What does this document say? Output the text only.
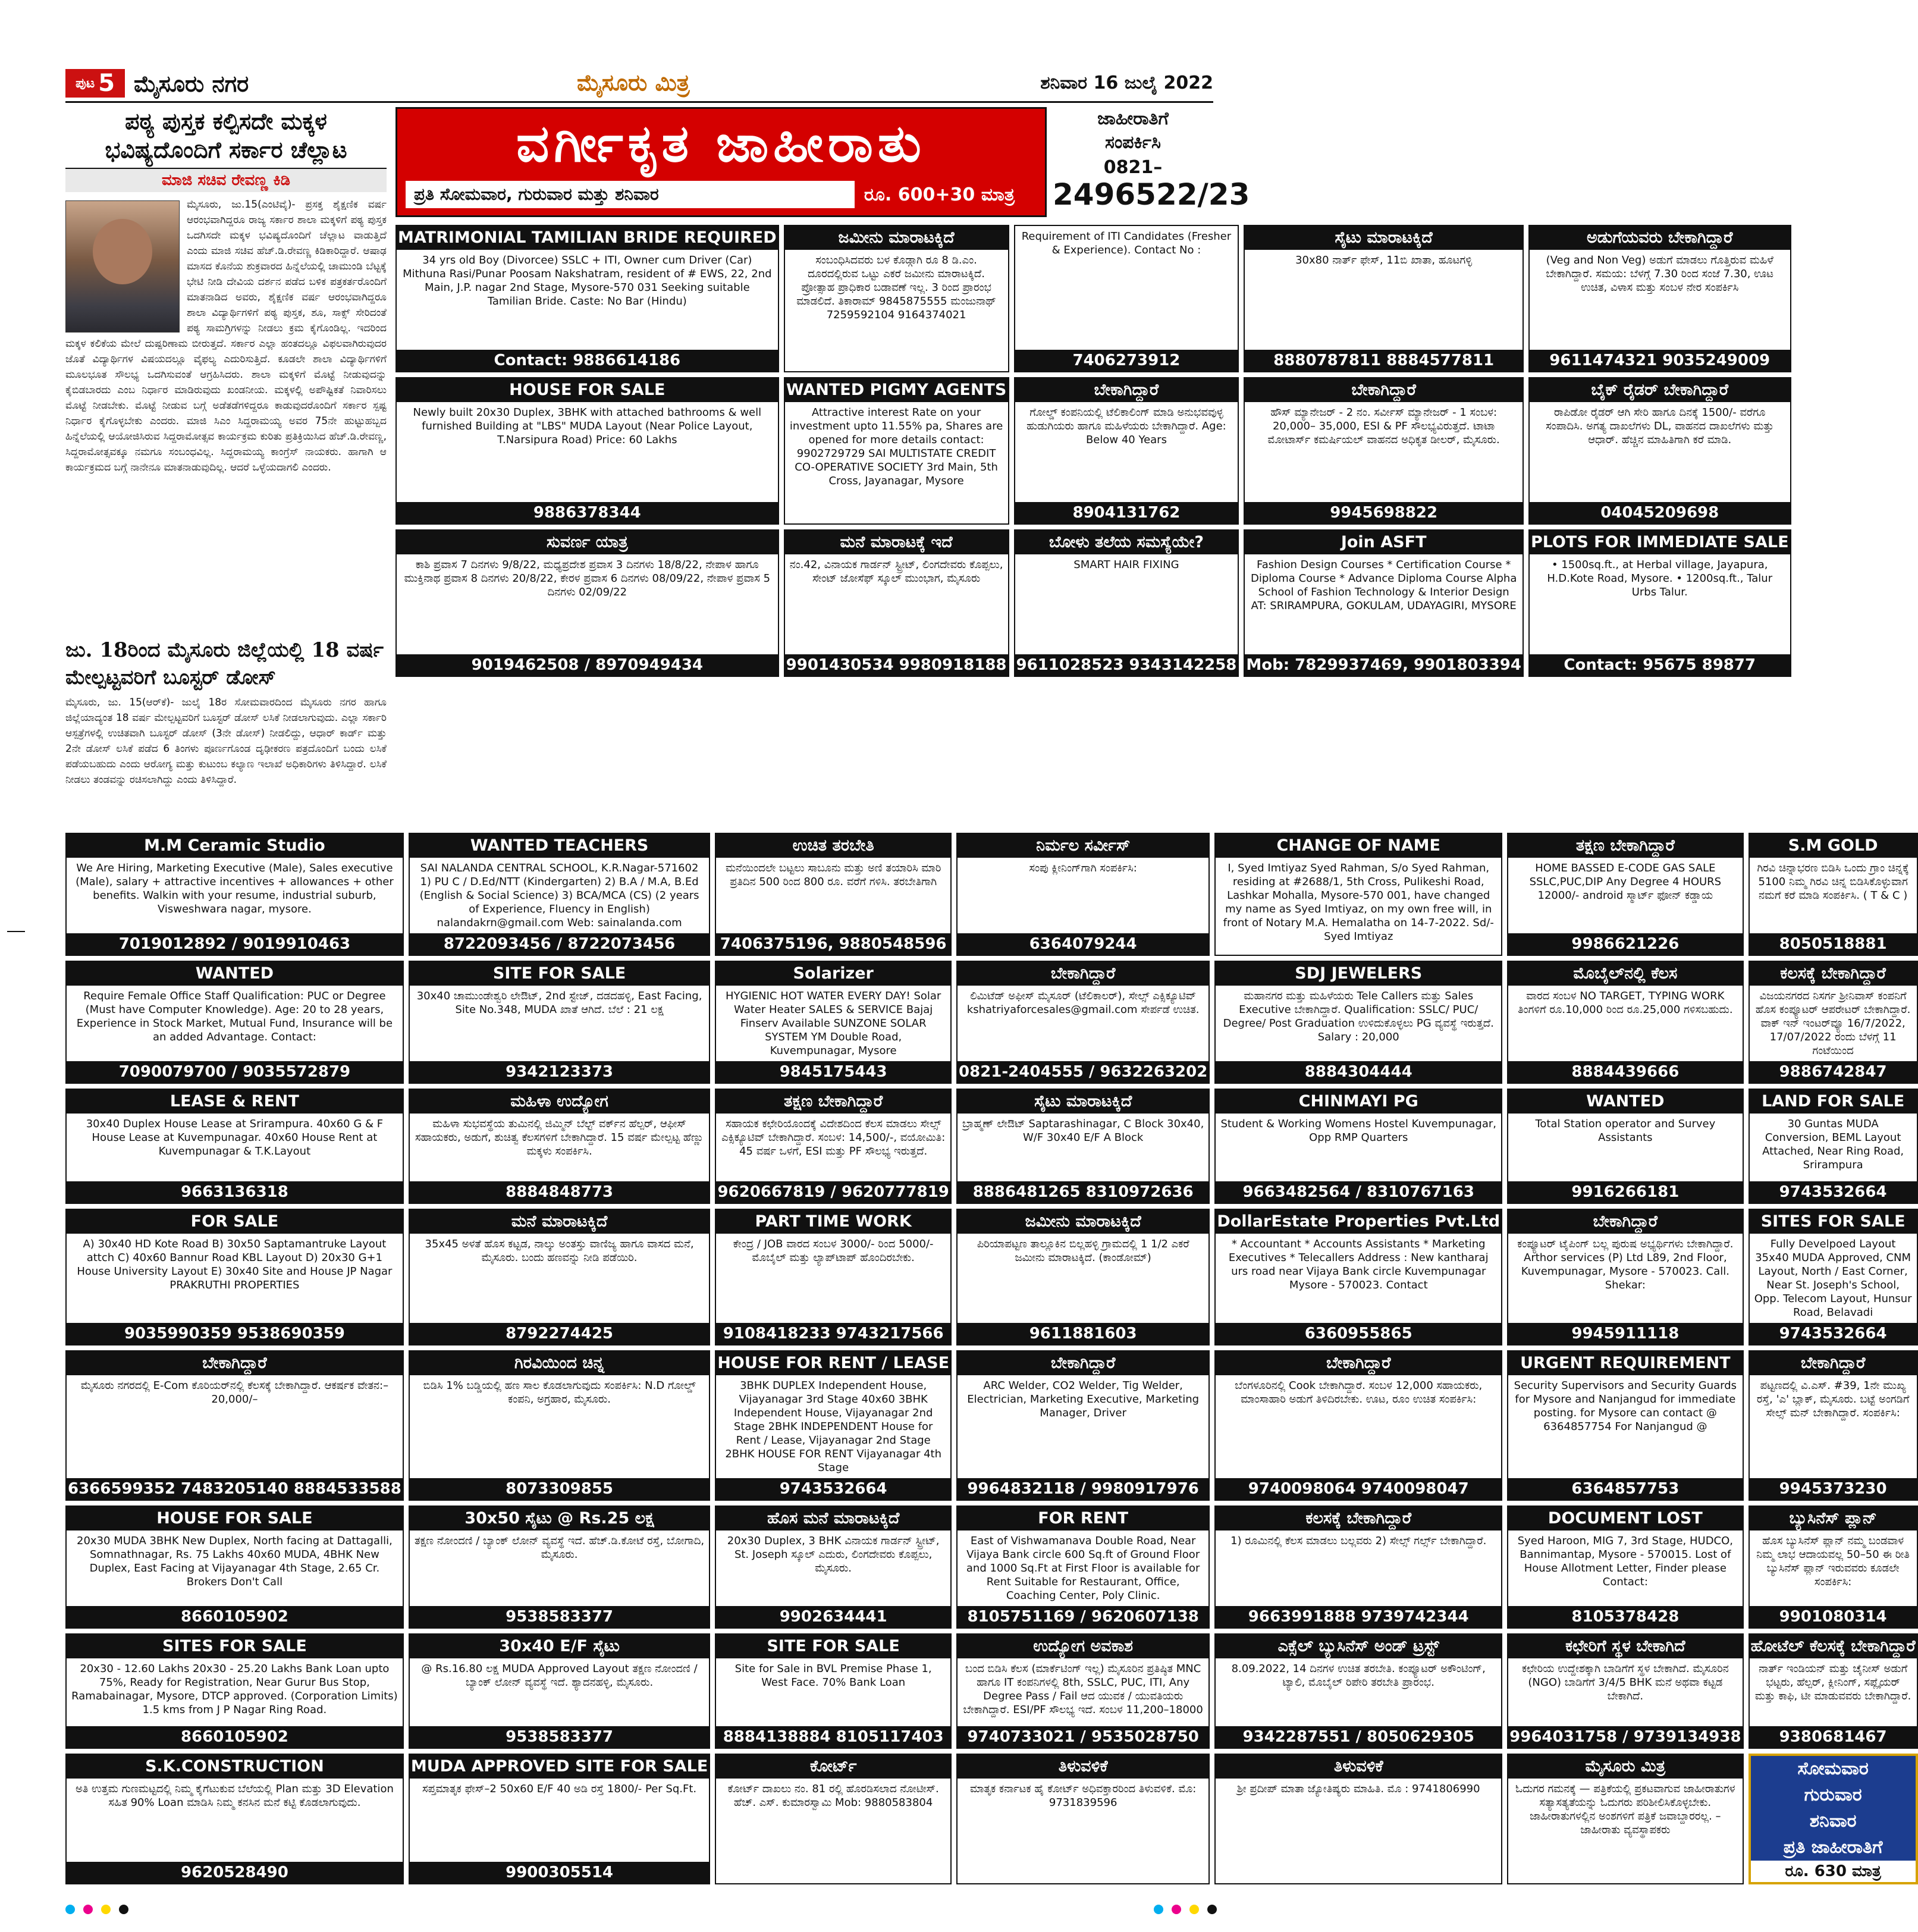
ಪುಟ 5 ಮೈಸೂರು ನಗರ	ಮೈಸೂರು ಮಿತ್ರ	ಶನಿವಾರ 16 ಜುಲೈ 2022
ಪಠ್ಯ ಪುಸ್ತಕ ಕಲ್ಪಿಸದೇ ಮಕ್ಕಳ ಭವಿಷ್ಯದೊಂದಿಗೆ ಸರ್ಕಾರ ಚೆಲ್ಲಾಟ
ಮಾಜಿ ಸಚಿವ ರೇವಣ್ಣ ಕಿಡಿ
ಮೈಸೂರು, ಜು.15(ಎಂಟಿವೈ)- ಪ್ರಸಕ್ತ ಶೈಕ್ಷಣಿಕ ವರ್ಷ ಆರಂಭವಾಗಿದ್ದರೂ ರಾಜ್ಯ ಸರ್ಕಾರ ಶಾಲಾ ಮಕ್ಕಳಿಗೆ ಪಠ್ಯ ಪುಸ್ತಕ ಒದಗಿಸದೇ ಮಕ್ಕಳ ಭವಿಷ್ಯದೊಂದಿಗೆ ಚೆಲ್ಲಾಟ ವಾಡುತ್ತಿದೆ ಎಂದು ಮಾಜಿ ಸಚಿವ ಹೆಚ್.ಡಿ.ರೇವಣ್ಣ ಕಿಡಿಕಾರಿದ್ದಾರೆ. ಆಷಾಢ ಮಾಸದ ಕೊನೆಯ ಶುಕ್ರವಾರದ ಹಿನ್ನೆಲೆಯಲ್ಲಿ ಚಾಮುಂಡಿ ಬೆಟ್ಟಕ್ಕೆ ಭೇಟಿ ನೀಡಿ ದೇವಿಯ ದರ್ಶನ ಪಡೆದ ಬಳಿಕ ಪತ್ರಕರ್ತರೊಂದಿಗೆ ಮಾತನಾಡಿದ ಅವರು, ಶೈಕ್ಷಣಿಕ ವರ್ಷ ಆರಂಭವಾಗಿದ್ದರೂ ಶಾಲಾ ವಿದ್ಯಾರ್ಥಿಗಳಿಗೆ ಪಠ್ಯ ಪುಸ್ತಕ, ಶೂ, ಸಾಕ್ಸ್ ಸೇರಿದಂತೆ ಪಠ್ಯ ಸಾಮಗ್ರಿಗಳನ್ನು ನೀಡಲು ಕ್ರಮ ಕೈಗೊಂಡಿಲ್ಲ. ಇದರಿಂದ ಮಕ್ಕಳ ಕಲಿಕೆಯ ಮೇಲೆ ದುಷ್ಪರಿಣಾಮ ಬೀರುತ್ತದೆ. ಸರ್ಕಾರ ಎಲ್ಲಾ ಹಂತದಲ್ಲೂ ವಿಫಲವಾಗಿರುವುದರ ಜೊತೆ ವಿದ್ಯಾರ್ಥಿಗಳ ವಿಷಯದಲ್ಲೂ ವೈಫಲ್ಯ ಎದುರಿಸುತ್ತಿದೆ. ಕೂಡಲೇ ಶಾಲಾ ವಿದ್ಯಾರ್ಥಿಗಳಿಗೆ ಮೂಲಭೂತ ಸೌಲಭ್ಯ ಒದಗಿಸುವಂತೆ ಆಗ್ರಹಿಸಿದರು. ಶಾಲಾ ಮಕ್ಕಳಿಗೆ ಮೊಟ್ಟೆ ನೀಡುವುದನ್ನು ಕೈಬಿಡಬಾರದು ಎಂಬ ನಿರ್ಧಾರ ಮಾಡಿರುವುದು ಖಂಡನೀಯ. ಮಕ್ಕಳಲ್ಲಿ ಅಪೌಷ್ಟಿಕತೆ ನಿವಾರಿಸಲು ಮೊಟ್ಟೆ ನೀಡಬೇಕು. ಮೊಟ್ಟೆ ನೀಡುವ ಬಗ್ಗೆ ಅಡೆತಡೆಗಳಿದ್ದರೂ ಕಾಡುವುದರೊಂದಿಗೆ ಸರ್ಕಾರ ಸ್ಪಷ್ಟ ನಿರ್ಧಾರ ಕೈಗೊಳ್ಳಬೇಕು ಎಂದರು. ಮಾಜಿ ಸಿಎಂ ಸಿದ್ದರಾಮಯ್ಯ ಅವರ 75ನೇ ಹುಟ್ಟುಹಬ್ಬದ ಹಿನ್ನೆಲೆಯಲ್ಲಿ ಆಯೋಜಿಸಿರುವ ಸಿದ್ದರಾಮೋತ್ಸವ ಕಾರ್ಯಕ್ರಮ ಕುರಿತು ಪ್ರತಿಕ್ರಿಯಿಸಿದ ಹೆಚ್.ಡಿ.ರೇವಣ್ಣ, ಸಿದ್ದರಾಮೋತ್ಸವಕ್ಕೂ ನಮಗೂ ಸಂಬಂಧವಿಲ್ಲ. ಸಿದ್ದರಾಮಯ್ಯ ಕಾಂಗ್ರೆಸ್ ನಾಯಕರು. ಹಾಗಾಗಿ ಆ ಕಾರ್ಯಕ್ರಮದ ಬಗ್ಗೆ ನಾನೇನೂ ಮಾತನಾಡುವುದಿಲ್ಲ. ಆದರೆ ಒಳ್ಳೆಯದಾಗಲಿ ಎಂದರು.
ಜು. 18ರಿಂದ ಮೈಸೂರು ಜಿಲ್ಲೆಯಲ್ಲಿ 18 ವರ್ಷ ಮೇಲ್ಪಟ್ಟವರಿಗೆ ಬೂಸ್ಟರ್ ಡೋಸ್
ಮೈಸೂರು, ಜು. 15(ಆರ್‌ಕೆ)- ಜುಲೈ 18ರ ಸೋಮವಾರದಿಂದ ಮೈಸೂರು ನಗರ ಹಾಗೂ ಜಿಲ್ಲೆಯಾದ್ಯಂತ 18 ವರ್ಷ ಮೇಲ್ಪಟ್ಟವರಿಗೆ ಬೂಸ್ಟರ್ ಡೋಸ್ ಲಸಿಕೆ ನೀಡಲಾಗುವುದು. ಎಲ್ಲಾ ಸರ್ಕಾರಿ ಆಸ್ಪತ್ರೆಗಳಲ್ಲಿ ಉಚಿತವಾಗಿ ಬೂಸ್ಟರ್ ಡೋಸ್ (3ನೇ ಡೋಸ್) ನೀಡಲಿದ್ದು, ಆಧಾರ್ ಕಾರ್ಡ್ ಮತ್ತು 2ನೇ ಡೋಸ್ ಲಸಿಕೆ ಪಡೆದ 6 ತಿಂಗಳು ಪೂರ್ಣಗೊಂಡ ದೃಢೀಕರಣ ಪತ್ರದೊಂದಿಗೆ ಬಂದು ಲಸಿಕೆ ಪಡೆಯಬಹುದು ಎಂದು ಆರೋಗ್ಯ ಮತ್ತು ಕುಟುಂಬ ಕಲ್ಯಾಣ ಇಲಾಖೆ ಅಧಿಕಾರಿಗಳು ತಿಳಿಸಿದ್ದಾರೆ. ಲಸಿಕೆ ನೀಡಲು ತಂಡವನ್ನು ರಚಿಸಲಾಗಿದ್ದು ಎಂದು ತಿಳಿಸಿದ್ದಾರೆ.
ವರ್ಗೀಕೃತ ಜಾಹೀರಾತು
ಪ್ರತಿ ಸೋಮವಾರ, ಗುರುವಾರ ಮತ್ತು ಶನಿವಾರ	ರೂ. 600+30 ಮಾತ್ರ
ಜಾಹೀರಾತಿಗೆ
ಸಂಪರ್ಕಿಸಿ
0821–
2496522/23
MATRIMONIAL TAMILIAN BRIDE REQUIRED
34 yrs old Boy (Divorcee) SSLC + ITI, Owner cum Driver (Car) Mithuna Rasi/Punar Poosam Nakshatram, resident of # EWS, 22, 2nd Main, J.P. nagar 2nd Stage, Mysore-570 031 Seeking suitable Tamilian Bride. Caste: No Bar (Hindu)
Contact: 9886614186
ಜಮೀನು ಮಾರಾಟಕ್ಕಿದೆ
ಸಂಬಂಧಿಸಿದವರು ಬಳ ಕೊಡ್ಗಾಗಿ ರೂ 8 ಡಿ.ಎಂ. ದೂರದಲ್ಲಿರುವ ಒಟ್ಟು ಎಕರೆ ಜಮೀನು ಮಾರಾಟಕ್ಕಿದೆ. ಪ್ರೋತ್ಸಾಹ ಪ್ರಾಧಿಕಾರ ಬಡಾವಣೆ ಇಲ್ಲ. 3 ರಿಂದ ಪ್ರಾರಂಭ ಮಾಡಲಿದೆ. ತಿಕಾರಾಮ್ 9845875555 ಮಂಜುನಾಥ್ 7259592104 9164374021
Requirement of ITI Candidates (Fresher & Experience). Contact No :
7406273912
ಸೈಟು ಮಾರಾಟಕ್ಕಿದೆ
30x80 ನಾರ್ತ್ ಫೇಸ್, 11ಬಿ ಖಾತಾ, ಹೂಟಗಳ್ಳಿ
8880787811 8884577811
ಅಡುಗೆಯವರು ಬೇಕಾಗಿದ್ದಾರೆ
(Veg and Non Veg) ಅಡುಗೆ ಮಾಡಲು ಗೊತ್ತಿರುವ ಮಹಿಳೆ ಬೇಕಾಗಿದ್ದಾರೆ. ಸಮಯ: ಬೆಳಗ್ಗೆ 7.30 ರಿಂದ ಸಂಜೆ 7.30, ಊಟ ಉಚಿತ, ವಿಳಾಸ ಮತ್ತು ಸಂಬಳ ನೇರ ಸಂಪರ್ಕಿಸಿ
9611474321 9035249009
HOUSE FOR SALE
Newly built 20x30 Duplex, 3BHK with attached bathrooms & well furnished Building at "LBS" MUDA Layout (Near Police Layout, T.Narsipura Road) Price: 60 Lakhs
9886378344
WANTED PIGMY AGENTS
Attractive interest Rate on your investment upto 11.55% pa, Shares are opened for more details contact: 9902729729 SAI MULTISTATE CREDIT CO-OPERATIVE SOCIETY 3rd Main, 5th Cross, Jayanagar, Mysore
ಬೇಕಾಗಿದ್ದಾರೆ
ಗೋಲ್ಡ್ ಕಂಪನಿಯಲ್ಲಿ ಟೆಲಿಕಾಲಿಂಗ್ ಮಾಡಿ ಅನುಭವವುಳ್ಳ ಹುಡುಗಿಯರು ಹಾಗೂ ಮಹಿಳೆಯರು ಬೇಕಾಗಿದ್ದಾರೆ. Age: Below 40 Years
8904131762
ಬೇಕಾಗಿದ್ದಾರೆ
ಹೌಸ್ ಮ್ಯಾನೇಜರ್ - 2 ನಂ. ಸರ್ವೀಸ್ ಮ್ಯಾನೇಜರ್ - 1 ಸಂಬಳ: 20,000– 35,000, ESI & PF ಸೌಲಭ್ಯವಿರುತ್ತದೆ. ಟಾಟಾ ಮೋಟಾರ್ಸ್ ಕಮರ್ಷಿಯಲ್ ವಾಹನದ ಅಧಿಕೃತ ಡೀಲರ್, ಮೈಸೂರು.
9945698822
ಬೈಕ್ ರೈಡರ್ ಬೇಕಾಗಿದ್ದಾರೆ
ರಾಪಿಡೋ ರೈಡರ್ ಆಗಿ ಸೇರಿ ಹಾಗೂ ದಿನಕ್ಕೆ 1500/- ವರೆಗೂ ಸಂಪಾದಿಸಿ. ಅಗತ್ಯ ದಾಖಲೆಗಳು DL, ವಾಹನದ ದಾಖಲೆಗಳು ಮತ್ತು ಆಧಾರ್. ಹೆಚ್ಚಿನ ಮಾಹಿತಿಗಾಗಿ ಕರೆ ಮಾಡಿ.
04045209698
ಸುವರ್ಣ ಯಾತ್ರ
ಕಾಶಿ ಪ್ರವಾಸ 7 ದಿನಗಳು 9/8/22, ಮಧ್ಯಪ್ರದೇಶ ಪ್ರವಾಸ 3 ದಿನಗಳು 18/8/22, ನೇಪಾಳ ಹಾಗೂ ಮುಕ್ತಿನಾಥ ಪ್ರವಾಸ 8 ದಿನಗಳು 20/8/22, ಕೇರಳ ಪ್ರವಾಸ 6 ದಿನಗಳು 08/09/22, ನೇಪಾಳ ಪ್ರವಾಸ 5 ದಿನಗಳು 02/09/22
9019462508 / 8970949434
ಮನೆ ಮಾರಾಟಕ್ಕೆ ಇದೆ
ನಂ.42, ವಿನಾಯಕ ಗಾರ್ಡನ್ ಸ್ಟ್ರೀಟ್, ಲಿಂಗದೇವರು ಕೊಪ್ಪಲು, ಸೇಂಟ್ ಜೋಸೆಫ್ ಸ್ಕೂಲ್ ಮುಂಭಾಗ, ಮೈಸೂರು
9901430534 9980918188
ಬೋಳು ತಲೆಯ ಸಮಸ್ಯೆಯೇ?
SMART HAIR FIXING
9611028523 9343142258
Join ASFT
Fashion Design Courses * Certification Course * Diploma Course * Advance Diploma Course Alpha School of Fashion Technology & Interior Design AT: SRIRAMPURA, GOKULAM, UDAYAGIRI, MYSORE
Mob: 7829937469, 9901803394
PLOTS FOR IMMEDIATE SALE
• 1500sq.ft., at Herbal village, Jayapura, H.D.Kote Road, Mysore. • 1200sq.ft., Talur Urbs Talur.
Contact: 95675 89877
M.M Ceramic Studio
We Are Hiring, Marketing Executive (Male), Sales executive (Male), salary + attractive incentives + allowances + other benefits. Walkin with your resume, industrial suburb, Visweshwara nagar, mysore.
7019012892 / 9019910463
WANTED TEACHERS
SAI NALANDA CENTRAL SCHOOL, K.R.Nagar-571602 1) PU C / D.Ed/NTT (Kindergarten) 2) B.A / M.A, B.Ed (English & Social Science) 3) BCA/MCA (CS) (2 years of Experience, Fluency in English) nalandakrn@gmail.com Web: sainalanda.com
8722093456 / 8722073456
ಉಚಿತ ತರಬೇತಿ
ಮನೆಯಿಂದಲೇ ಬಟ್ಟಲು ಸಾಬೂನು ಮತ್ತು ಅಣಿ ತಯಾರಿಸಿ ಮಾರಿ ಪ್ರತಿದಿನ 500 ರಿಂದ 800 ರೂ. ವರೆಗೆ ಗಳಿಸಿ. ತರಬೇತಿಗಾಗಿ
7406375196, 9880548596
ನಿರ್ಮಲ ಸರ್ವೀಸ್
ಸಂಪು ಕ್ಲೀನಿಂಗ್‌ಗಾಗಿ ಸಂಪರ್ಕಿಸಿ:
6364079244
CHANGE OF NAME
I, Syed Imtiyaz Syed Rahman, S/o Syed Rahman, residing at #2688/1, 5th Cross, Pulikeshi Road, Lashkar Mohalla, Mysore-570 001, have changed my name as Syed Imtiyaz, on my own free will, in front of Notary M.A. Hemalatha on 14-7-2022. Sd/- Syed Imtiyaz
ತಕ್ಷಣ ಬೇಕಾಗಿದ್ದಾರೆ
HOME BASSED E-CODE GAS SALE SSLC,PUC,DIP Any Degree 4 HOURS 12000/- android ಸ್ಮಾರ್ಟ್ ಫೋನ್ ಕಡ್ಡಾಯ
9986621226
S.M GOLD
ಗಿರವಿ ಚಿನ್ನಾಭರಣ ಬಿಡಿಸಿ ಒಂದು ಗ್ರಾಂ ಚಿನ್ನಕ್ಕೆ 5100 ನಿಮ್ಮ ಗಿರವಿ ಚಿನ್ನ ಬಿಡಿಸಿಕೊಳ್ಳುವಾಗ ನಮಗೆ ಕರೆ ಮಾಡಿ ಸಂಪರ್ಕಿಸಿ. ( T & C )
8050518881
WANTED
Require Female Office Staff Qualification: PUC or Degree (Must have Computer Knowledge). Age: 20 to 28 years, Experience in Stock Market, Mutual Fund, Insurance will be an added Advantage. Contact:
7090079700 / 9035572879
SITE FOR SALE
30x40 ಚಾಮುಂಡೇಶ್ವರಿ ಲೇಔಟ್, 2nd ಸ್ಟೇಜ್, ದಡದಹಳ್ಳಿ, East Facing, Site No.348, MUDA ಖಾತೆ ಆಗಿದೆ. ಬೆಲೆ : 21 ಲಕ್ಷ
9342123373
Solarizer
HYGIENIC HOT WATER EVERY DAY! Solar Water Heater SALES & SERVICE Bajaj Finserv Available SUNZONE SOLAR SYSTEM YM Double Road, Kuvempunagar, Mysore
9845175443
ಬೇಕಾಗಿದ್ದಾರೆ
ಲಿಮಿಟೆಡ್ ಅಫೀಸ್ ಮೈಸೂರ್ (ಟೆಲಿಕಾಲರ್), ಸೇಲ್ಸ್ ಎಕ್ಸಿಕ್ಯೂಟಿವ್ kshatriyaforcesales@gmail.com ಸೇರ್ಪಡೆ ಉಚಿತ.
0821-2404555 / 9632263202
SDJ JEWELERS
ಮಹಾನಗರ ಮತ್ತು ಮಹಿಳೆಯರು Tele Callers ಮತ್ತು Sales Executive ಬೇಕಾಗಿದ್ದಾರೆ. Qualification: SSLC/ PUC/ Degree/ Post Graduation ಉಳಿದುಕೊಳ್ಳಲು PG ವ್ಯವಸ್ಥೆ ಇರುತ್ತದೆ. Salary : 20,000
8884304444
ಮೊಬೈಲ್‌ನಲ್ಲಿ ಕೆಲಸ
ವಾರದ ಸಂಬಳ NO TARGET, TYPING WORK ತಿಂಗಳಿಗೆ ರೂ.10,000 ರಿಂದ ರೂ.25,000 ಗಳಿಸಬಹುದು.
8884439666
ಕಲಸಕ್ಕೆ ಬೇಕಾಗಿದ್ದಾರೆ
ವಿಜಯನಗರದ ನಿಸರ್ಗ ಶ್ರೀನಿವಾಸ್ ಕಂಪನಿಗೆ ಹೊಸ ಕಂಪ್ಯೂಟರ್ ಆಪರೇಟರ್ ಬೇಕಾಗಿದ್ದಾರೆ. ವಾಕ್ ಇನ್ ಇಂಟರ್‌ವ್ಯೂ 16/7/2022, 17/07/2022 ರಂದು ಬೆಳಗ್ಗೆ 11 ಗಂಟೆಯಿಂದ
9886742847
LEASE & RENT
30x40 Duplex House Lease at Srirampura. 40x60 G & F House Lease at Kuvempunagar. 40x60 House Rent at Kuvempunagar & T.K.Layout
9663136318
ಮಹಿಳಾ ಉದ್ಯೋಗ
ಮಹಿಳಾ ಸುಭವಸ್ಥೆಯ ತುಮಿನಲ್ಲಿ ಜಿಮ್ಮಿನ್ ಬೆಲ್ಟ್ ವರ್ಕ್‌ನ ಹೆಲ್ಪರ್, ಆಫೀಸ್ ಸಹಾಯಕರು, ಅಡುಗೆ, ಶುಚಿತ್ವ ಕೆಲಸಗಳಿಗೆ ಬೇಕಾಗಿದ್ದಾರೆ. 15 ವರ್ಷ ಮೇಲ್ಪಟ್ಟ ಹೆಣ್ಣು ಮಕ್ಕಳು ಸಂಪರ್ಕಿಸಿ.
8884848773
ತಕ್ಷಣ ಬೇಕಾಗಿದ್ದಾರೆ
ಸಹಾಯಕ ಕಛೇರಿಯೊಂದಕ್ಕೆ ವಿದೇಶದಿಂದ ಕೆಲಸ ಮಾಡಲು ಸೇಲ್ಸ್ ಎಕ್ಸಿಕ್ಯೂಟಿವ್ ಬೇಕಾಗಿದ್ದಾರೆ. ಸಂಬಳ: 14,500/-, ವಯೋಮಿತಿ: 45 ವರ್ಷ ಒಳಗೆ, ESI ಮತ್ತು PF ಸೌಲಭ್ಯ ಇರುತ್ತದೆ.
9620667819 / 9620777819
ಸೈಟು ಮಾರಾಟಕ್ಕಿದೆ
ಬ್ರಾಹ್ಮಣ್ ಲೇಔಟ್ Saptarashinagar, C Block 30x40, W/F 30x40 E/F A Block
8886481265 8310972636
CHINMAYI PG
Student & Working Womens Hostel Kuvempunagar, Opp RMP Quarters
9663482564 / 8310767163
WANTED
Total Station operator and Survey Assistants
9916266181
LAND FOR SALE
30 Guntas MUDA Conversion, BEML Layout Attached, Near Ring Road, Srirampura
9743532664
FOR SALE
A) 30x40 HD Kote Road B) 30x50 Saptamantruke Layout attch C) 40x60 Bannur Road KBL Layout D) 20x30 G+1 House University Layout E) 30x40 Site and House JP Nagar PRAKRUTHI PROPERTIES
9035990359 9538690359
ಮನೆ ಮಾರಾಟಕ್ಕಿದೆ
35x45 ಅಳತೆ ಹೊಸ ಕಟ್ಟಡ, ನಾಲ್ಕು ಅಂತಸ್ತು ವಾಣಿಜ್ಯ ಹಾಗೂ ವಾಸದ ಮನೆ, ಮೈಸೂರು. ಬಂದು ಹಣವನ್ನು ನೀಡಿ ಪಡೆಯಿರಿ.
8792274425
PART TIME WORK
ಕೇಂದ್ರ / JOB ವಾರದ ಸಂಬಳ 3000/- ರಿಂದ 5000/- ಮೊಬೈಲ್ ಮತ್ತು ಲ್ಯಾಪ್‌ಟಾಪ್ ಹೊಂದಿರಬೇಕು.
9108418233 9743217566
ಜಮೀನು ಮಾರಾಟಕ್ಕಿದೆ
ಪಿರಿಯಾಪಟ್ಟಣ ತಾಲ್ಲೂಕಿನ ಬಿಲ್ಲಹಳ್ಳಿ ಗ್ರಾಮದಲ್ಲಿ 1 1/2 ಎಕರೆ ಜಮೀನು ಮಾರಾಟಕ್ಕಿದೆ. (ಕಾಂಡೋಮ್)
9611881603
DollarEstate Properties Pvt.Ltd
* Accountant * Accounts Assistants * Marketing Executives * Telecallers Address : New kantharaj urs road near Vijaya Bank circle Kuvempunagar Mysore - 570023. Contact
6360955865
ಬೇಕಾಗಿದ್ದಾರೆ
ಕಂಪ್ಯೂಟರ್ ಟೈಪಿಂಗ್ ಬಲ್ಲ ಪುರುಷ ಅಭ್ಯರ್ಥಿಗಳು ಬೇಕಾಗಿದ್ದಾರೆ. Arthor services (P) Ltd L89, 2nd Floor, Kuvempunagar, Mysore - 570023. Call. Shekar:
9945911118
SITES FOR SALE
Fully Develpoed Layout 35x40 MUDA Approved, CNM Layout, North / East Corner, Near St. Joseph's School, Opp. Telecom Layout, Hunsur Road, Belavadi
9743532664
ಬೇಕಾಗಿದ್ದಾರೆ
ಮೈಸೂರು ನಗರದಲ್ಲಿ E-Com ಕೊರಿಯರ್‌ನಲ್ಲಿ ಕೆಲಸಕ್ಕೆ ಬೇಕಾಗಿದ್ದಾರೆ. ಆಕರ್ಷಕ ವೇತನ:– 20,000/–
6366599352 7483205140 8884533588
ಗಿರವಿಯಿಂದ ಚಿನ್ನ
ಬಿಡಿಸಿ 1% ಬಡ್ಡಿಯಲ್ಲಿ ಹಣ ಸಾಲ ಕೊಡಲಾಗುವುದು ಸಂಪರ್ಕಿಸಿ: N.D ಗೋಲ್ಡ್ ಕಂಪನಿ, ಅಗ್ರಹಾರ, ಮೈಸೂರು.
8073309855
HOUSE FOR RENT / LEASE
3BHK DUPLEX Independent House, Vijayanagar 3rd Stage 40x60 3BHK Independent House, Vijayanagar 2nd Stage 2BHK INDEPENDENT House for Rent / Lease, Vijayanagar 2nd Stage 2BHK HOUSE FOR RENT Vijayanagar 4th Stage
9743532664
ಬೇಕಾಗಿದ್ದಾರೆ
ARC Welder, CO2 Welder, Tig Welder, Electrician, Marketing Executive, Marketing Manager, Driver
9964832118 / 9980917976
ಬೇಕಾಗಿದ್ದಾರೆ
ಬೆಂಗಳೂರಿನಲ್ಲಿ Cook ಬೇಕಾಗಿದ್ದಾರೆ. ಸಂಬಳ 12,000 ಸಹಾಯಕರು, ಮಾಂಸಾಹಾರಿ ಅಡುಗೆ ತಿಳಿದಿರಬೇಕು. ಊಟ, ರೂಂ ಉಚಿತ ಸಂಪರ್ಕಿಸಿ:
9740098064 9740098047
URGENT REQUIREMENT
Security Supervisors and Security Guards for Mysore and Nanjangud for immediate posting. for Mysore can contact @ 6364857754 For Nanjangud @
6364857753
ಬೇಕಾಗಿದ್ದಾರೆ
ಪಟ್ಟಣದಲ್ಲಿ ವಿ.ಎಸ್. #39, 1ನೇ ಮುಖ್ಯ ರಸ್ತೆ, 'ಎ' ಬ್ಲಾಕ್, ಮೈಸೂರು. ಬಟ್ಟೆ ಅಂಗಡಿಗೆ ಸೇಲ್ಸ್ ಮನ್ ಬೇಕಾಗಿದ್ದಾರೆ. ಸಂಪರ್ಕಿಸಿ:
9945373230
HOUSE FOR SALE
20x30 MUDA 3BHK New Duplex, North facing at Dattagalli, Somnathnagar, Rs. 75 Lakhs 40x60 MUDA, 4BHK New Duplex, East Facing at Vijayanagar 4th Stage, 2.65 Cr. Brokers Don't Call
8660105902
30x50 ಸೈಟು @ Rs.25 ಲಕ್ಷ
ತಕ್ಷಣ ನೋಂದಣಿ / ಬ್ಯಾಂಕ್ ಲೋನ್ ವ್ಯವಸ್ಥೆ ಇದೆ. ಹೆಚ್.ಡಿ.ಕೋಟೆ ರಸ್ತೆ, ಬೋಗಾದಿ, ಮೈಸೂರು.
9538583377
ಹೊಸ ಮನೆ ಮಾರಾಟಕ್ಕಿದೆ
20x30 Duplex, 3 BHK ವಿನಾಯಕ ಗಾರ್ಡನ್ ಸ್ಟ್ರೀಟ್, St. Joseph ಸ್ಕೂಲ್ ಎದುರು, ಲಿಂಗದೇವರು ಕೊಪ್ಪಲು, ಮೈಸೂರು.
9902634441
FOR RENT
East of Vishwamanava Double Road, Near Vijaya Bank circle 600 Sq.ft of Ground Floor and 1000 Sq.Ft at First Floor is available for Rent Suitable for Restaurant, Office, Coaching Center, Poly Clinic.
8105751169 / 9620607138
ಕಲಸಕ್ಕೆ ಬೇಕಾಗಿದ್ದಾರೆ
1) ರೂಮಿನಲ್ಲಿ ಕೆಲಸ ಮಾಡಲು ಬಲ್ಲವರು 2) ಸೇಲ್ಸ್ ಗರ್ಲ್ಸ್ ಬೇಕಾಗಿದ್ದಾರೆ.
9663991888 9739742344
DOCUMENT LOST
Syed Haroon, MIG 7, 3rd Stage, HUDCO, Bannimantap, Mysore - 570015. Lost of House Allotment Letter, Finder please Contact:
8105378428
ಬ್ಯುಸಿನೆಸ್ ಪ್ಲಾನ್
ಹೊಸ ಬ್ಯುಸಿನೆಸ್ ಪ್ಲಾನ್ ನಮ್ಮ ಬಂಡವಾಳ ನಿಮ್ಮ ಲಾಭ ಆದಾಯವಲ್ಲ 50–50 ಈ ರೀತಿ ಬ್ಯುಸಿನೆಸ್ ಪ್ಲಾನ್ ಇರುವವರು ಕೂಡಲೇ ಸಂಪರ್ಕಿಸಿ:
9901080314
SITES FOR SALE
20x30 - 12.60 Lakhs 20x30 - 25.20 Lakhs Bank Loan upto 75%, Ready for Registration, Near Gurur Bus Stop, Ramabainagar, Mysore, DTCP approved. (Corporation Limits) 1.5 kms from J P Nagar Ring Road.
8660105902
30x40 E/F ಸೈಟು
@ Rs.16.80 ಲಕ್ಷ MUDA Approved Layout ತಕ್ಷಣ ನೋಂದಣಿ / ಬ್ಯಾಂಕ್ ಲೋನ್ ವ್ಯವಸ್ಥೆ ಇದೆ. ಶ್ಯಾದನಹಳ್ಳಿ, ಮೈಸೂರು.
9538583377
SITE FOR SALE
Site for Sale in BVL Premise Phase 1, West Face. 70% Bank Loan
8884138884 8105117403
ಉದ್ಯೋಗ ಅವಕಾಶ
ಬಂದ ಬಿಡಿಸಿ ಕೆಲಸ (ಮಾರ್ಕೆಟಿಂಗ್ ಇಲ್ಲ) ಮೈಸೂರಿನ ಪ್ರತಿಷ್ಠಿತ MNC ಹಾಗೂ IT ಕಂಪನಿಗಳಲ್ಲಿ 8th, SSLC, PUC, ITI, Any Degree Pass / Fail ಆದ ಯುವಕ / ಯುವತಿಯರು ಬೇಕಾಗಿದ್ದಾರೆ. ESI/PF ಸೌಲಭ್ಯ ಇದೆ. ಸಂಬಳ 11,200–18000
9740733021 / 9535028750
ಎಕ್ಸೆಲ್ ಬ್ಯುಸಿನೆಸ್ ಅಂಡ್ ಟ್ರಸ್ಟ್
8.09.2022, 14 ದಿನಗಳ ಉಚಿತ ತರಬೇತಿ. ಕಂಪ್ಯೂಟರ್ ಅಕೌಂಟಿಂಗ್, ಟ್ಯಾಲಿ, ಮೊಬೈಲ್ ರಿಪೇರಿ ತರಬೇತಿ ಪ್ರಾರಂಭ.
9342287551 / 8050629305
ಕಛೇರಿಗೆ ಸ್ಥಳ ಬೇಕಾಗಿದೆ
ಕಛೇರಿಯ ಉದ್ದೇಶಕ್ಕಾಗಿ ಬಾಡಿಗೆಗೆ ಸ್ಥಳ ಬೇಕಾಗಿದೆ. ಮೈಸೂರಿನ (NGO) ಬಾಡಿಗೆಗೆ 3/4/5 BHK ಮನೆ ಅಥವಾ ಕಟ್ಟಡ ಬೇಕಾಗಿದೆ.
9964031758 / 9739134938
ಹೋಟೆಲ್ ಕೆಲಸಕ್ಕೆ ಬೇಕಾಗಿದ್ದಾರೆ
ನಾರ್ತ್ ಇಂಡಿಯನ್ ಮತ್ತು ಚೈನೀಸ್ ಅಡುಗೆ ಭಟ್ಟರು, ಹೆಲ್ಪರ್, ಕ್ಲೀನಿಂಗ್, ಸಪ್ಲೈಯರ್ ಮತ್ತು ಕಾಫಿ, ಟೀ ಮಾಡುವವರು ಬೇಕಾಗಿದ್ದಾರೆ.
9380681467
S.K.CONSTRUCTION
ಅತಿ ಉತ್ತಮ ಗುಣಮಟ್ಟದಲ್ಲಿ ನಿಮ್ಮ ಕೈಗೆಟುಕುವ ಬೆಲೆಯಲ್ಲಿ Plan ಮತ್ತು 3D Elevation ಸಹಿತ 90% Loan ಮಾಡಿಸಿ ನಿಮ್ಮ ಕನಸಿನ ಮನೆ ಕಟ್ಟಿ ಕೊಡಲಾಗುವುದು.
9620528490
MUDA APPROVED SITE FOR SALE
ಸಪ್ತಮಾತೃಕ ಫೇಸ್–2 50x60 E/F 40 ಅಡಿ ರಸ್ತೆ 1800/- Per Sq.Ft.
9900305514
ಕೋರ್ಟ್
ಕೋರ್ಟ್ ದಾಖಲು ನಂ. 81 ರಲ್ಲಿ ಹೊರಡಿಸಲಾದ ನೋಟೀಸ್. ಹೆಚ್. ಎಸ್. ಕುಮಾರಸ್ವಾಮಿ Mob: 9880583804
ತಿಳುವಳಿಕೆ
ಮಾತೃಕ ಕರ್ನಾಟಕ ಹೈ ಕೋರ್ಟ್ ಅಧಿವಕ್ತಾರರಿಂದ ತಿಳುವಳಿಕೆ. ಮೊ: 9731839596
ತಿಳುವಳಿಕೆ
ಶ್ರೀ ಪ್ರದೀಪ್ ಮಾತಾ ಜ್ಯೋತಿಷ್ಯರು ಮಾಹಿತಿ. ಮೊ : 9741806990
ಮೈಸೂರು ಮಿತ್ರ
ಓದುಗರ ಗಮನಕ್ಕೆ — ಪತ್ರಿಕೆಯಲ್ಲಿ ಪ್ರಕಟವಾಗುವ ಜಾಹೀರಾತುಗಳ ಸತ್ಯಾಸತ್ಯತೆಯನ್ನು ಓದುಗರು ಪರಿಶೀಲಿಸಿಕೊಳ್ಳಬೇಕು. ಜಾಹೀರಾತುಗಳಲ್ಲಿನ ಅಂಶಗಳಿಗೆ ಪತ್ರಿಕೆ ಜವಾಬ್ದಾರರಲ್ಲ. –ಜಾಹೀರಾತು ವ್ಯವಸ್ಥಾಪಕರು
ಸೋಮವಾರ
ಗುರುವಾರ
ಶನಿವಾರ
ಪ್ರತಿ ಜಾಹೀರಾತಿಗೆ
ರೂ. 630 ಮಾತ್ರ
